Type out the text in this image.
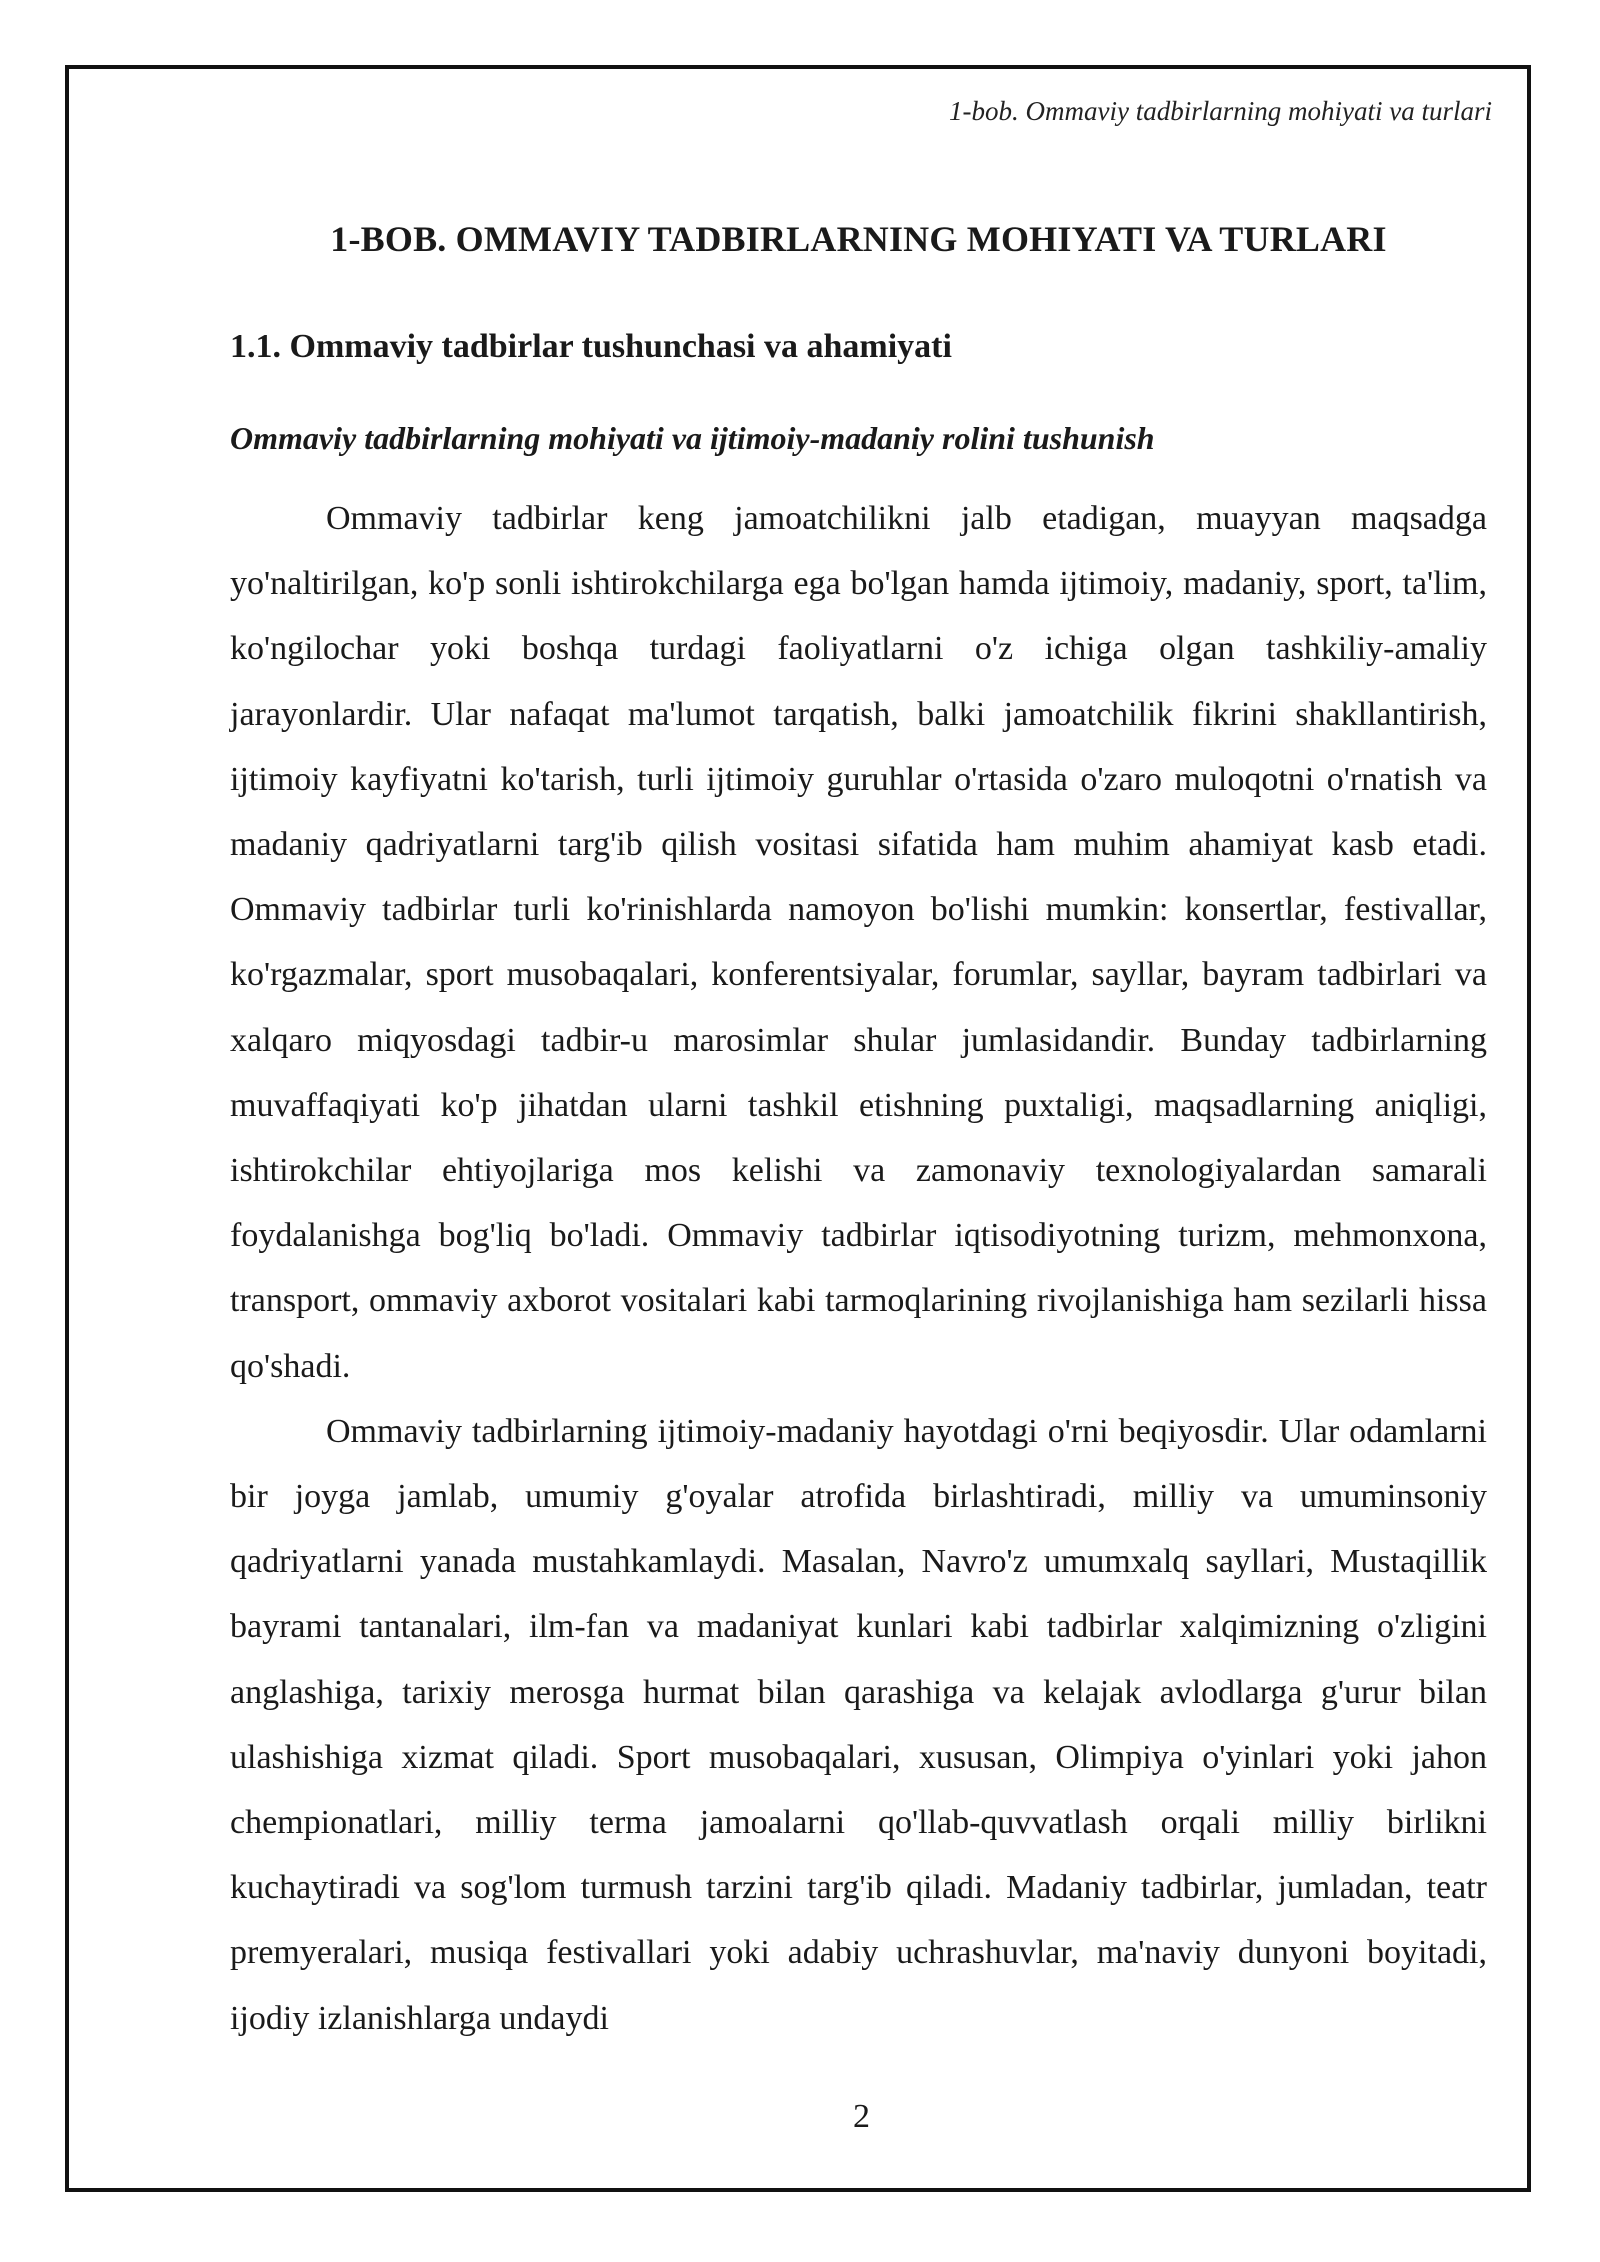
1-bob. Ommaviy tadbirlarning mohiyati va turlari
1-BOB. OMMAVIY TADBIRLARNING MOHIYATI VA TURLARI
1.1. Ommaviy tadbirlar tushunchasi va ahamiyati
Ommaviy tadbirlarning mohiyati va ijtimoiy-madaniy rolini tushunish

Ommaviy tadbirlar keng jamoatchilikni jalb etadigan, muayyan maqsadga yo'naltirilgan, ko'p sonli ishtirokchilarga ega bo'lgan hamda ijtimoiy, madaniy, sport, ta'lim, ko'ngilochar yoki boshqa turdagi faoliyatlarni o'z ichiga olgan tashkiliy-amaliy jarayonlardir. Ular nafaqat ma'lumot tarqatish, balki jamoatchilik fikrini shakllantirish, ijtimoiy kayfiyatni ko'tarish, turli ijtimoiy guruhlar o'rtasida o'zaro muloqotni o'rnatish va madaniy qadriyatlarni targ'ib qilish vositasi sifatida ham muhim ahamiyat kasb etadi. Ommaviy tadbirlar turli ko'rinishlarda namoyon bo'lishi mumkin: konsertlar, festivallar, ko'rgazmalar, sport musobaqalari, konferentsiyalar, forumlar, sayllar, bayram tadbirlari va xalqaro miqyosdagi tadbir-u marosimlar shular jumlasidandir. Bunday tadbirlarning muvaffaqiyati ko'p jihatdan ularni tashkil etishning puxtaligi, maqsadlarning aniqligi, ishtirokchilar ehtiyojlariga mos kelishi va zamonaviy texnologiyalardan samarali foydalanishga bog'liq bo'ladi. Ommaviy tadbirlar iqtisodiyotning turizm, mehmonxona, transport, ommaviy axborot vositalari kabi tarmoqlarining rivojlanishiga ham sezilarli hissa qo'shadi.

Ommaviy tadbirlarning ijtimoiy-madaniy hayotdagi o'rni beqiyosdir. Ular odamlarni bir joyga jamlab, umumiy g'oyalar atrofida birlashtiradi, milliy va umuminsoniy qadriyatlarni yanada mustahkamlaydi. Masalan, Navro'z umumxalq sayllari, Mustaqillik bayrami tantanalari, ilm-fan va madaniyat kunlari kabi tadbirlar xalqimizning o'zligini anglashiga, tarixiy merosga hurmat bilan qarashiga va kelajak avlodlarga g'urur bilan ulashishiga xizmat qiladi. Sport musobaqalari, xususan, Olimpiya o'yinlari yoki jahon chempionatlari, milliy terma jamoalarni qo'llab-quvvatlash orqali milliy birlikni kuchaytiradi va sog'lom turmush tarzini targ'ib qiladi. Madaniy tadbirlar, jumladan, teatr premyeralari, musiqa festivallari yoki adabiy uchrashuvlar, ma'naviy dunyoni boyitadi, ijodiy izlanishlarga undaydi

2
